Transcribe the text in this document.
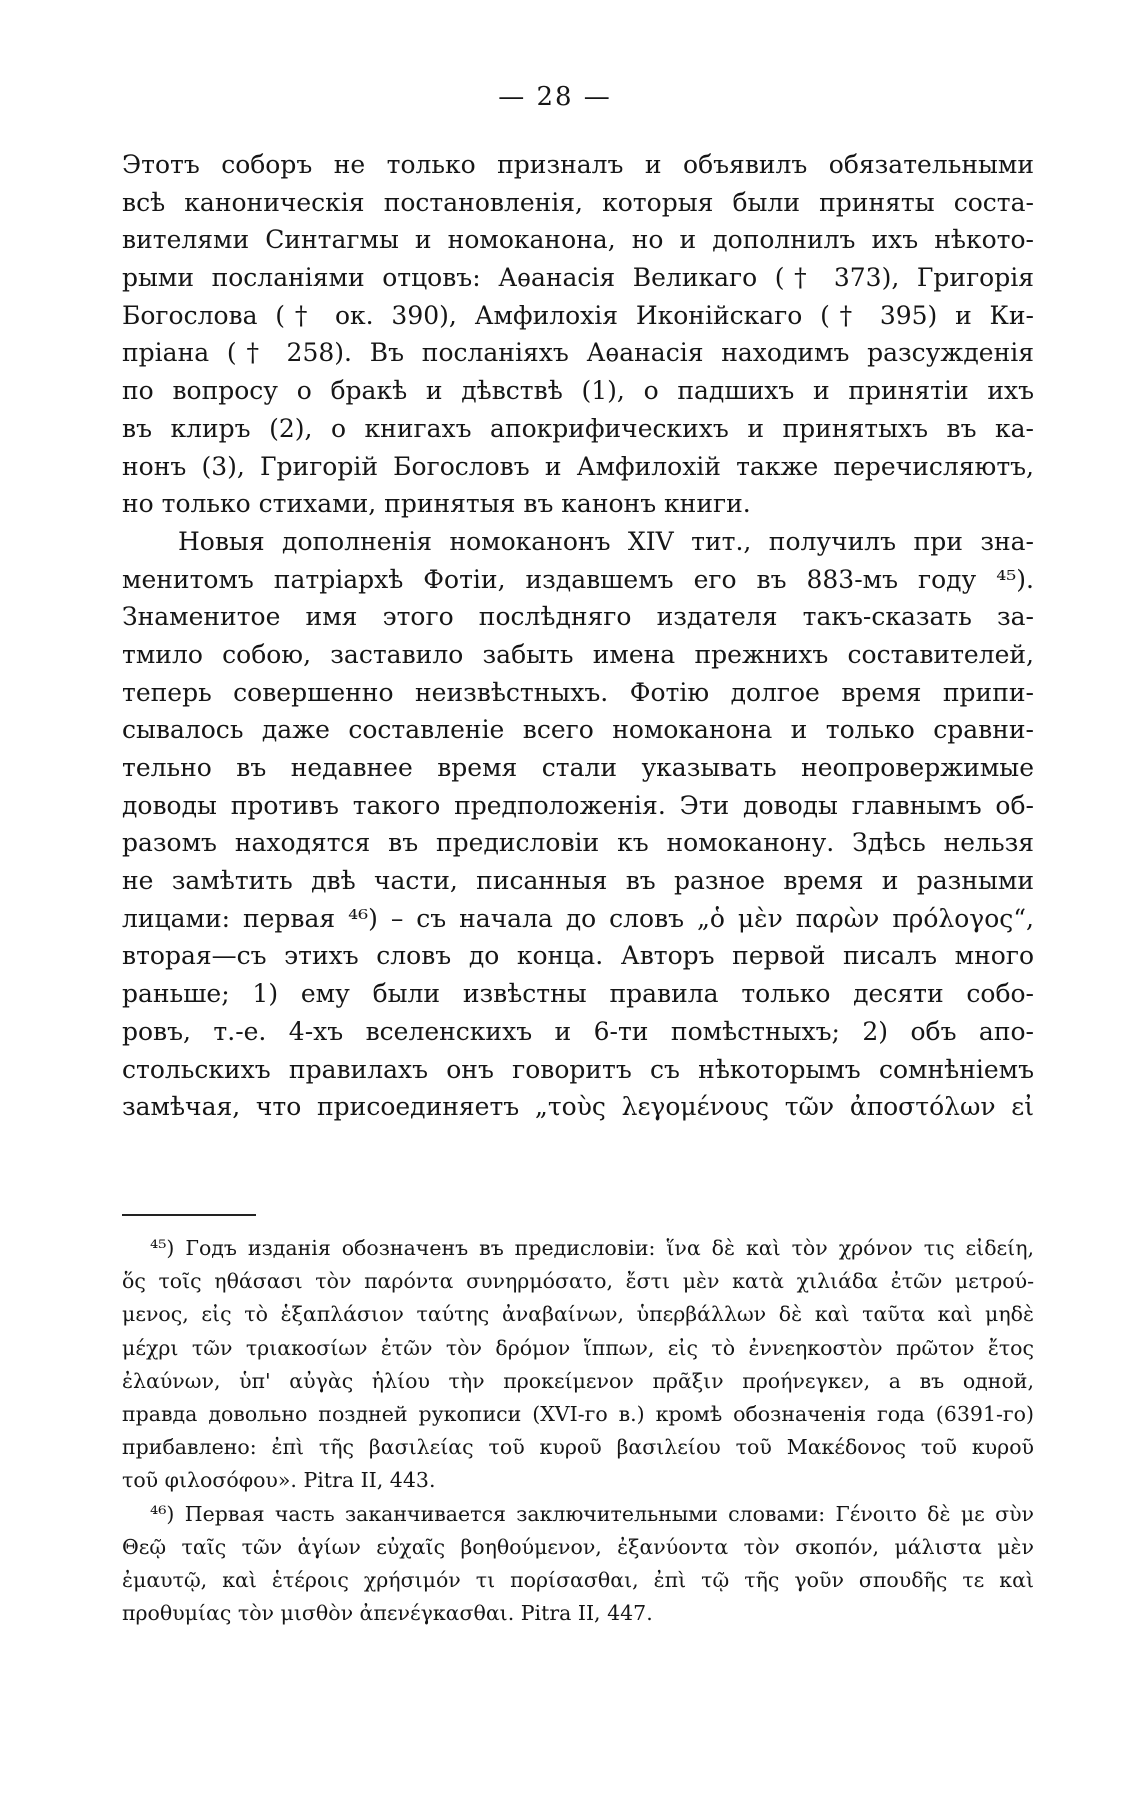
— 28 —
Этотъ соборъ не только призналъ и объявилъ обязательными
всѣ каноническія постановленія, которыя были приняты соста-
вителями Синтагмы и номоканона, но и дополнилъ ихъ нѣкото-
рыми посланіями отцовъ: Аѳанасія Великаго († 373), Григорія
Богослова († ок. 390), Амфилохія Иконійскаго († 395) и Ки-
пріана († 258). Въ посланіяхъ Аѳанасія находимъ разсужденія
по вопросу о бракѣ и дѣвствѣ (1), о падшихъ и принятіи ихъ
въ клиръ (2), о книгахъ апокрифическихъ и принятыхъ въ ка-
нонъ (3), Григорій Богословъ и Амфилохій также перечисляютъ,
но только стихами, принятыя въ канонъ книги.
Новыя дополненія номоканонъ XIV тит., получилъ при зна-
менитомъ патріархѣ Фотіи, издавшемъ его въ 883-мъ году ⁴⁵).
Знаменитое имя этого послѣдняго издателя такъ-сказать за-
тмило собою, заставило забыть имена прежнихъ составителей,
теперь совершенно неизвѣстныхъ. Фотію долгое время припи-
сывалось даже составленіе всего номоканона и только сравни-
тельно въ недавнее время стали указывать неопровержимые
доводы противъ такого предположенія. Эти доводы главнымъ об-
разомъ находятся въ предисловіи къ номоканону. Здѣсь нельзя
не замѣтить двѣ части, писанныя въ разное время и разными
лицами: первая ⁴⁶) – съ начала до словъ „ὁ μὲν παρὼν πρόλογος“,
вторая—съ этихъ словъ до конца. Авторъ первой писалъ много
раньше; 1) ему были извѣстны правила только десяти собо-
ровъ, т.-е. 4-хъ вселенскихъ и 6-ти помѣстныхъ; 2) объ апо-
стольскихъ правилахъ онъ говоритъ съ нѣкоторымъ сомнѣніемъ
замѣчая, что присоединяетъ „τοὺς λεγομένους τῶν ἀποστόλων εἰ
⁴⁵) Годъ изданія обозначенъ въ предисловіи: ἵνα δὲ καὶ τὸν χρόνον τις εἰδείη,
ὅς τοῖς ηθάσασι τὸν παρόντα συνηρμόσατο, ἔστι μὲν κατὰ χιλιάδα ἐτῶν μετρού-
μενος, εἰς τὸ ἑξαπλάσιον ταύτης ἀναβαίνων, ὑπερβάλλων δὲ καὶ ταῦτα καὶ μηδὲ
μέχρι τῶν τριακοσίων ἐτῶν τὸν δρόμον ἵππων, εἰς τὸ ἐννεηκοστὸν πρῶτον ἔτος
ἐλαύνων, ὑπ' αὐγὰς ἡλίου τὴν προκείμενον πρᾶξιν προήνεγκεν, а въ одной,
правда довольно поздней рукописи (XVI-го в.) кромѣ обозначенія года (6391-го)
прибавлено: ἐπὶ τῆς βασιλείας τοῦ κυροῦ βασιλείου τοῦ Μακέδονος τοῦ κυροῦ
τοῦ φιλοσόφου». Pitra II, 443.
⁴⁶) Первая часть заканчивается заключительными словами: Γένοιτο δὲ με σὺν
Θεῷ ταῖς τῶν ἁγίων εὐχαῖς βοηθούμενον, ἐξανύοντα τὸν σκοπόν, μάλιστα μὲν
ἐμαυτῷ, καὶ ἑτέροις χρήσιμόν τι πορίσασθαι, ἐπὶ τῷ τῆς γοῦν σπουδῆς τε καὶ
προθυμίας τὸν μισθὸν ἀπενέγκασθαι. Pitra II, 447.
